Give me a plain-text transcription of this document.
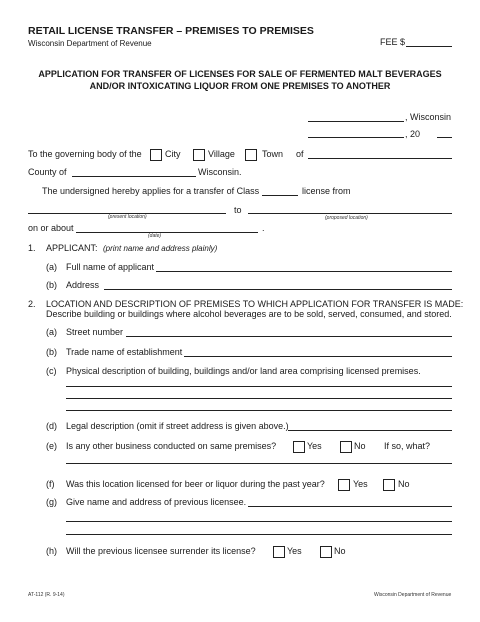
RETAIL LICENSE TRANSFER – PREMISES TO PREMISES
Wisconsin Department of Revenue	FEE $
APPLICATION FOR TRANSFER OF LICENSES FOR SALE OF FERMENTED MALT BEVERAGES
AND/OR INTOXICATING LIQUOR FROM ONE PREMISES TO ANOTHER
, Wisconsin
, 20
To the governing body of the	City	Village	Town of
County of	Wisconsin.
The undersigned hereby applies for a transfer of Class	license from
(present location)
to
(proposed location)
on or about	.
(date)
1. APPLICANT: (print name and address plainly)
(a) Full name of applicant
(b) Address
2. LOCATION AND DESCRIPTION OF PREMISES TO WHICH APPLICATION FOR TRANSFER IS MADE:
Describe building or buildings where alcohol beverages are to be sold, served, consumed, and stored.
(a) Street number
(b) Trade name of establishment
(c) Physical description of building, buildings and/or land area comprising licensed premises.
(d) Legal description (omit if street address is given above.)
(e) Is any other business conducted on same premises?	Yes	No If so, what?
(f) Was this location licensed for beer or liquor during the past year?	Yes	No
(g) Give name and address of previous licensee.
(h) Will the previous licensee surrender its license?	Yes	No
AT-112 (R. 9-14)	Wisconsin Department of Revenue
